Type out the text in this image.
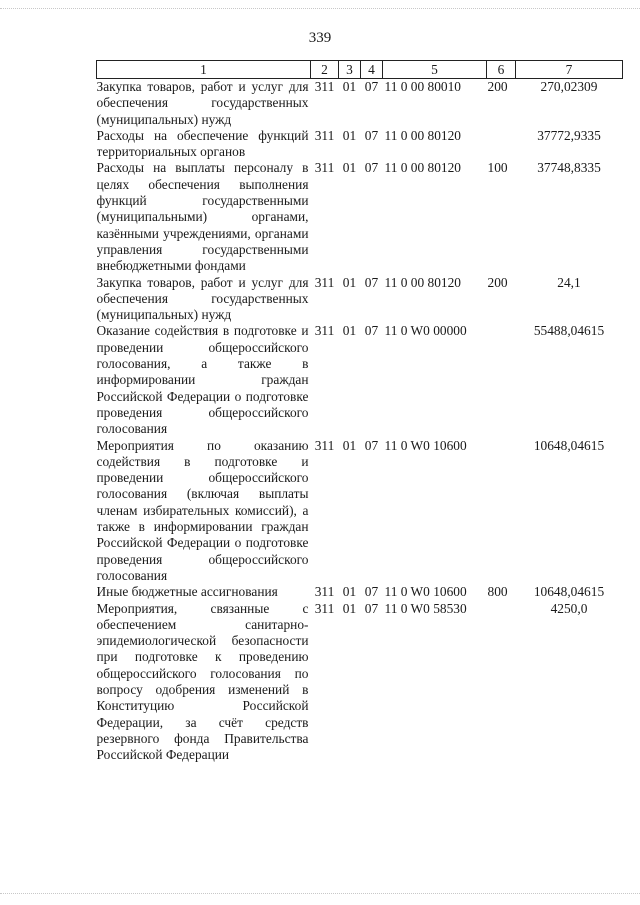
339
1	2	3	4	5	6	7
Закупка товаров, работ и услуг для обеспечения государственных (муниципальных) нужд	311	01	07	11 0 00 80010	200	270,02309
Расходы на обеспечение функций территориальных органов	311	01	07	11 0 00 80120		37772,9335
Расходы на выплаты персоналу в целях обеспечения выполнения функций государственными (муниципальными) органами, казёнными учреждениями, органами управления государственными внебюджетными фондами	311	01	07	11 0 00 80120	100	37748,8335
Закупка товаров, работ и услуг для обеспечения государственных (муниципальных) нужд	311	01	07	11 0 00 80120	200	24,1
Оказание содействия в подготовке и проведении общероссийского голосования, а также в информировании граждан Российской Федерации о подготовке проведения общероссийского голосования	311	01	07	11 0 W0 00000		55488,04615
Мероприятия по оказанию содействия в подготовке и проведении общероссийского голосования (включая выплаты членам избирательных комиссий), а также в информировании граждан Российской Федерации о подготовке проведения общероссийского голосования	311	01	07	11 0 W0 10600		10648,04615
Иные бюджетные ассигнования	311	01	07	11 0 W0 10600	800	10648,04615
Мероприятия, связанные с обеспечением санитарно-эпидемиологической безопасности при подготовке к проведению общероссийского голосования по вопросу одобрения изменений в Конституцию Российской Федерации, за счёт средств резервного фонда Правительства Российской Федерации	311	01	07	11 0 W0 58530		4250,0
